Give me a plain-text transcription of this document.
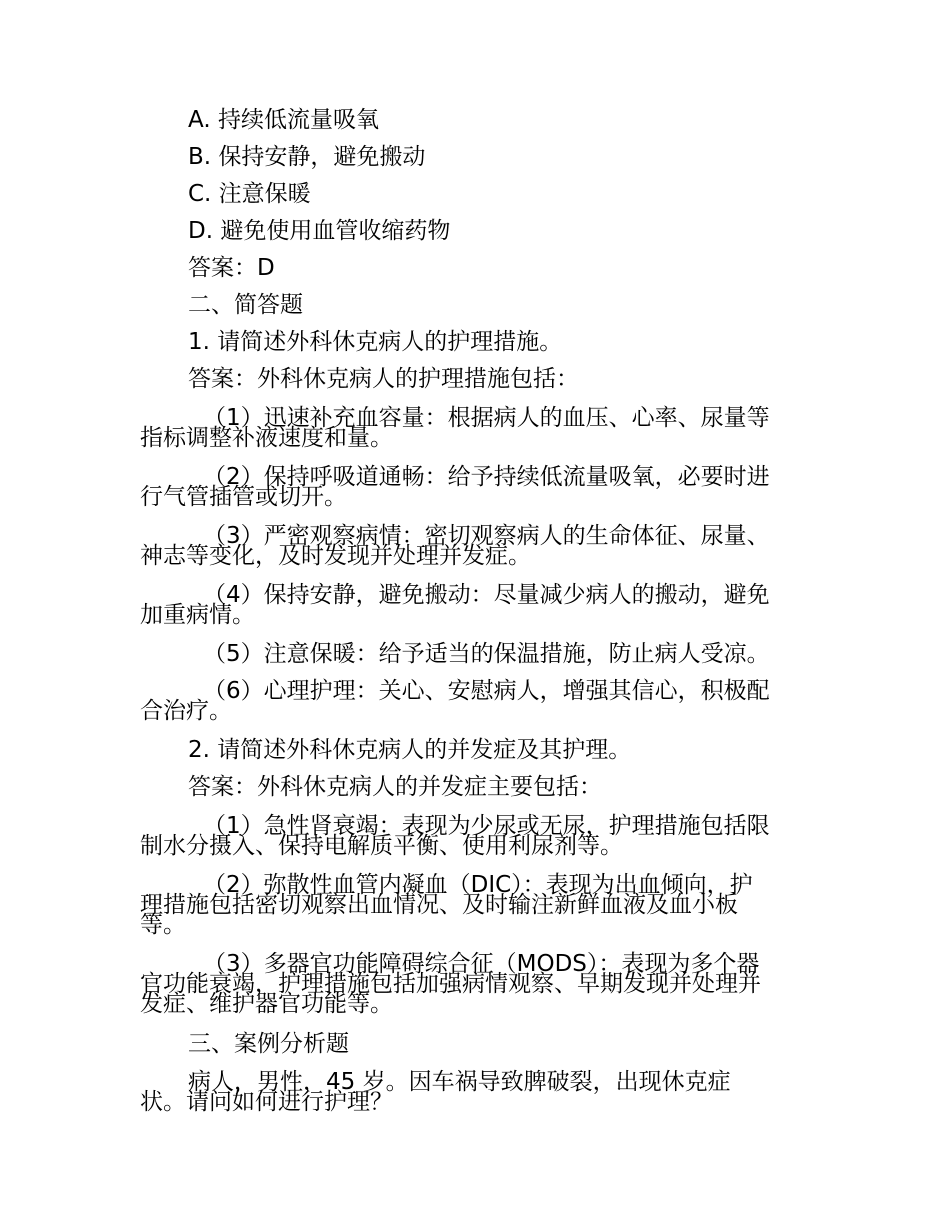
A. 持续低流量吸氧
B. 保持安静，避免搬动
C. 注意保暖
D. 避免使用血管收缩药物
答案：D
二、简答题
1. 请简述外科休克病人的护理措施。
答案：外科休克病人的护理措施包括：
（1）迅速补充血容量：根据病人的血压、心率、尿量等
指标调整补液速度和量。
（2）保持呼吸道通畅：给予持续低流量吸氧，必要时进
行气管插管或切开。
（3）严密观察病情：密切观察病人的生命体征、尿量、
神志等变化，及时发现并处理并发症。
（4）保持安静，避免搬动：尽量减少病人的搬动，避免
加重病情。
（5）注意保暖：给予适当的保温措施，防止病人受凉。
（6）心理护理：关心、安慰病人，增强其信心，积极配
合治疗。
2. 请简述外科休克病人的并发症及其护理。
答案：外科休克病人的并发症主要包括：
（1）急性肾衰竭：表现为少尿或无尿，护理措施包括限
制水分摄入、保持电解质平衡、使用利尿剂等。
（2）弥散性血管内凝血（DIC）：表现为出血倾向，护
理措施包括密切观察出血情况、及时输注新鲜血液及血小板
等。
（3）多器官功能障碍综合征（MODS）：表现为多个器
官功能衰竭，护理措施包括加强病情观察、早期发现并处理并
发症、维护器官功能等。
三、案例分析题
病人，男性，45 岁。因车祸导致脾破裂，出现休克症
状。请问如何进行护理？
